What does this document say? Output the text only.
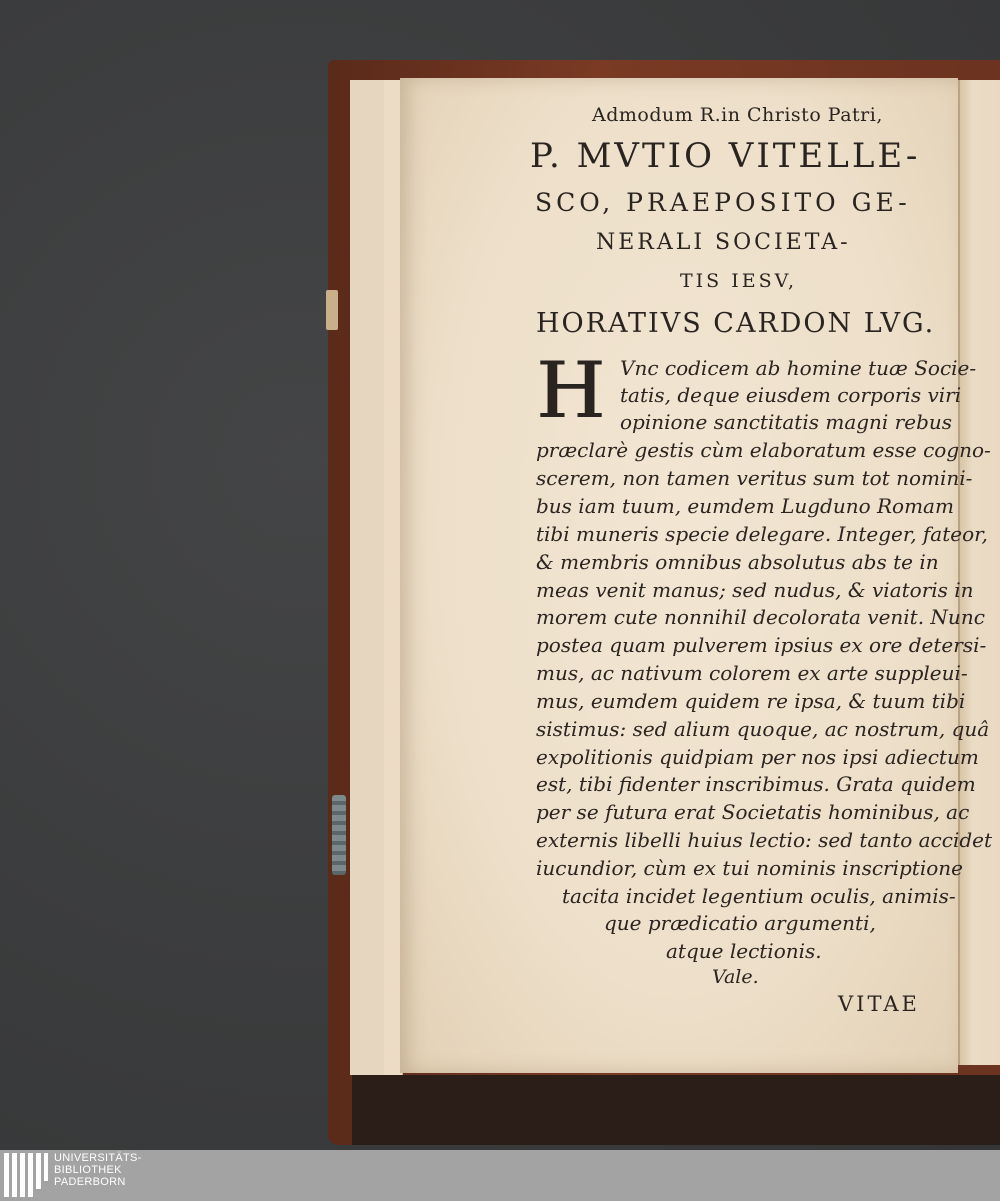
Admodum R.in Christo Patri,
P. MVTIO VITELLE-
SCO, PRAEPOSITO GE-
NERALI SOCIETA-
TIS IESV,
HORATIVS CARDON LVG.
H Vnc codicem ab homine tuæ Socie-
tatis, deque eiusdem corporis viri
opinione sanctitatis magni rebus
præclarè gestis cùm elaboratum esse cogno-
scerem, non tamen veritus sum tot nomini-
bus iam tuum, eumdem Lugduno Romam
tibi muneris specie delegare. Integer, fateor,
& membris omnibus absolutus abs te in
meas venit manus; sed nudus, & viatoris in
morem cute nonnihil decolorata venit. Nunc
postea quam pulverem ipsius ex ore detersi-
mus, ac nativum colorem ex arte suppleui-
mus, eumdem quidem re ipsa, & tuum tibi
sistimus: sed alium quoque, ac nostrum, quâ
expolitionis quidpiam per nos ipsi adiectum
est, tibi fidenter inscribimus. Grata quidem
per se futura erat Societatis hominibus, ac
externis libelli huius lectio: sed tanto accidet
iucundior, cùm ex tui nominis inscriptione
tacita incidet legentium oculis, animis-
que prædicatio argumenti,
atque lectionis.
Vale.
VITAE
UNIVERSITÄTS-
BIBLIOTHEK
PADERBORN
